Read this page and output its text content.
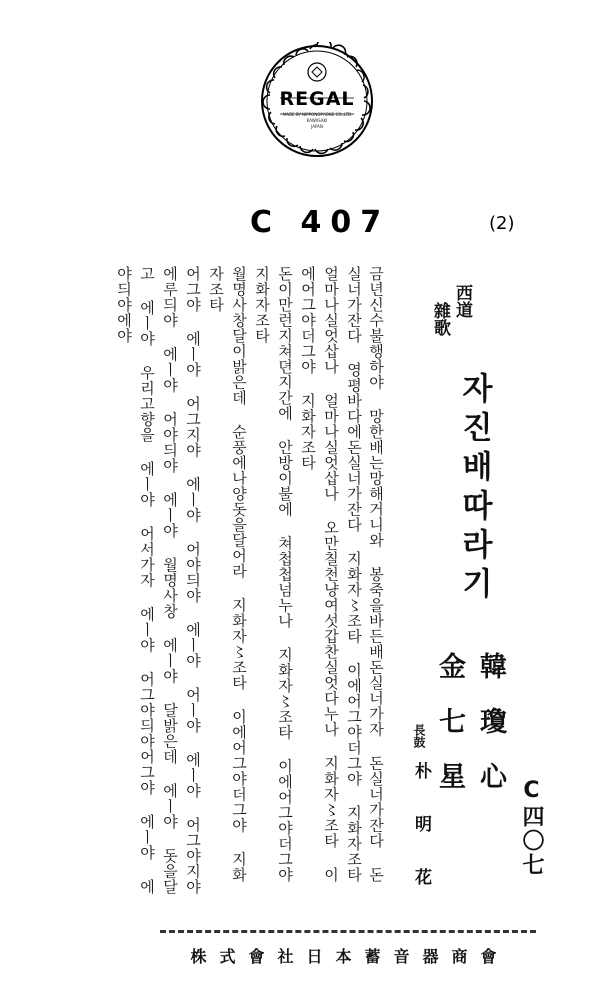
REGAL
MADE BY NIPPONOPHONE CO.,LTD
KAWASAKI
JAPAN
C 407	(2)
西道
雜歌
자진배따라기
韓瓊心
金七星
長鼓
朴明花	C四〇七
금년신수불행하야 망한배는망해거니와 봉죽을바든배돈실너가자 돈실너가잔다 돈
실너가잔다 영평바다에돈실너가잔다 지화자〻조타 이에어그야더그야 지화자조타
얼마나실엇삽나 얼마나실엇삽나 오만칠천냥여섯갑찬실엇다누나 지화자〻조타 이
에어그야더그야 지화자조타
돈이만런지쳐뎐지간에 안방이불에 쳐첩첩넘누나 지화자〻조타 이에어그야더그야
지화자조타
월명사창달이밝은데 순풍에나양돗을달어라 지화자〻조타 이에어그야더그야 지화
자조타
어그야 에ㅣ야 어그지야 에ㅣ야 어야듸야 에ㅣ야 어ㅣ야 에ㅣ야 어그야지야
에루듸야 에ㅣ야 어야듸야 에ㅣ야 월명사창 에ㅣ야 달밝은데 에ㅣ야 돗을달
고 에ㅣ야 우리고향을 에ㅣ야 어서가자 에ㅣ야 어그야듸야어그야 에ㅣ야 에
야듸야에야
株式會社日本蓄音器商會
